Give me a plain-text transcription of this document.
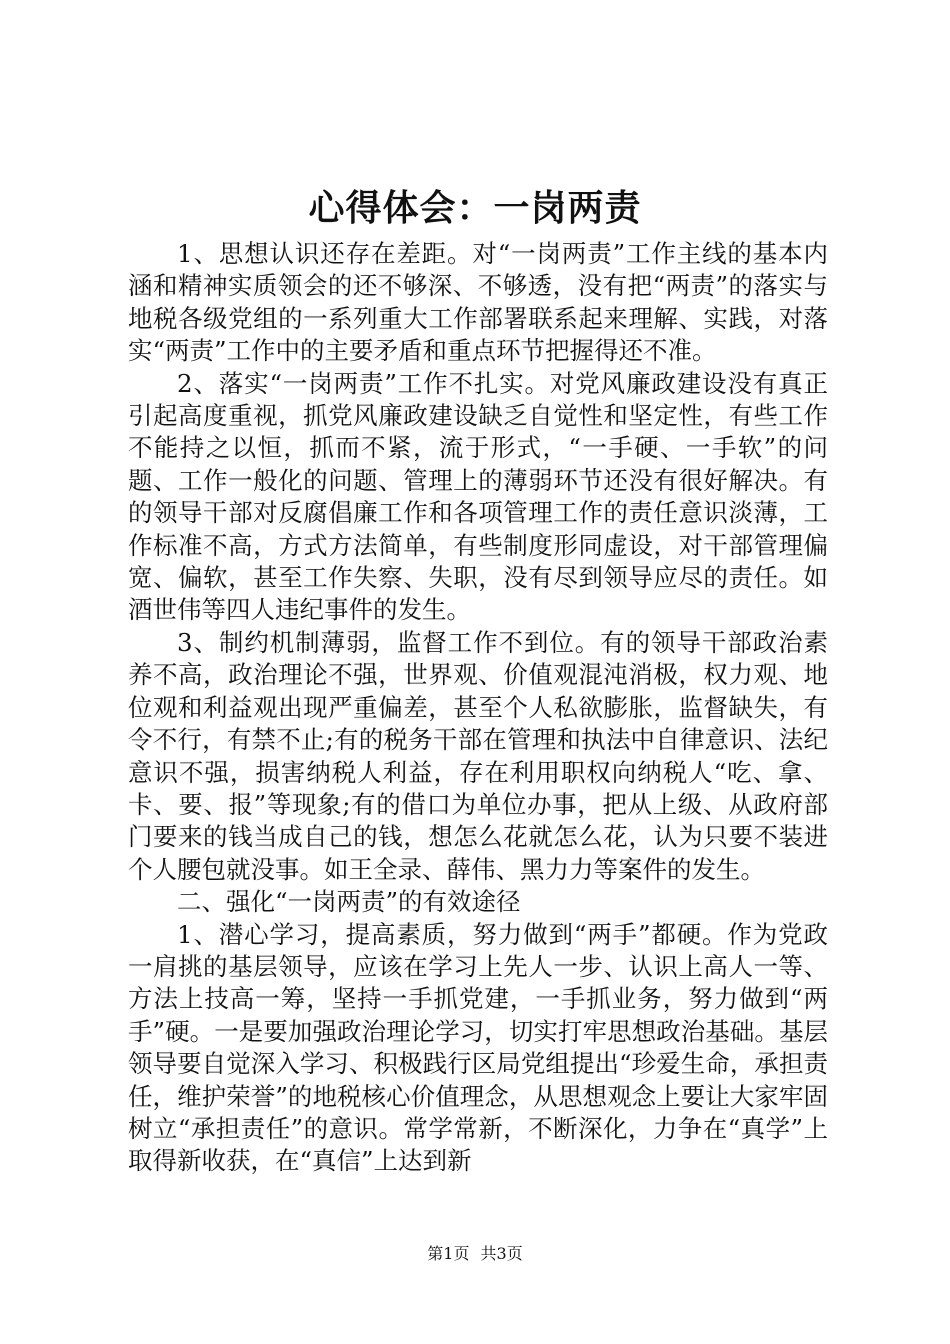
心得体会：一岗两责

1、思想认识还存在差距。对“一岗两责”工作主线的基本内涵和精神实质领会的还不够深、不够透，没有把“两责”的落实与地税各级党组的一系列重大工作部署联系起来理解、实践，对落实“两责”工作中的主要矛盾和重点环节把握得还不准。

2、落实“一岗两责”工作不扎实。对党风廉政建设没有真正引起高度重视，抓党风廉政建设缺乏自觉性和坚定性，有些工作不能持之以恒，抓而不紧，流于形式，“一手硬、一手软”的问题、工作一般化的问题、管理上的薄弱环节还没有很好解决。有的领导干部对反腐倡廉工作和各项管理工作的责任意识淡薄，工作标准不高，方式方法简单，有些制度形同虚设，对干部管理偏宽、偏软，甚至工作失察、失职，没有尽到领导应尽的责任。如酒世伟等四人违纪事件的发生。

3、制约机制薄弱，监督工作不到位。有的领导干部政治素养不高，政治理论不强，世界观、价值观混沌消极，权力观、地位观和利益观出现严重偏差，甚至个人私欲膨胀，监督缺失，有令不行，有禁不止;有的税务干部在管理和执法中自律意识、法纪意识不强，损害纳税人利益，存在利用职权向纳税人“吃、拿、卡、要、报”等现象;有的借口为单位办事，把从上级、从政府部门要来的钱当成自己的钱，想怎么花就怎么花，认为只要不装进个人腰包就没事。如王全录、薛伟、黑力力等案件的发生。

二、强化“一岗两责”的有效途径

1、潜心学习，提高素质，努力做到“两手”都硬。作为党政一肩挑的基层领导，应该在学习上先人一步、认识上高人一等、方法上技高一筹，坚持一手抓党建，一手抓业务，努力做到“两手”硬。一是要加强政治理论学习，切实打牢思想政治基础。基层领导要自觉深入学习、积极践行区局党组提出“珍爱生命，承担责任，维护荣誉”的地税核心价值理念，从思想观念上要让大家牢固树立“承担责任”的意识。常学常新，不断深化，力争在“真学”上取得新收获，在“真信”上达到新

第1页 共3页
